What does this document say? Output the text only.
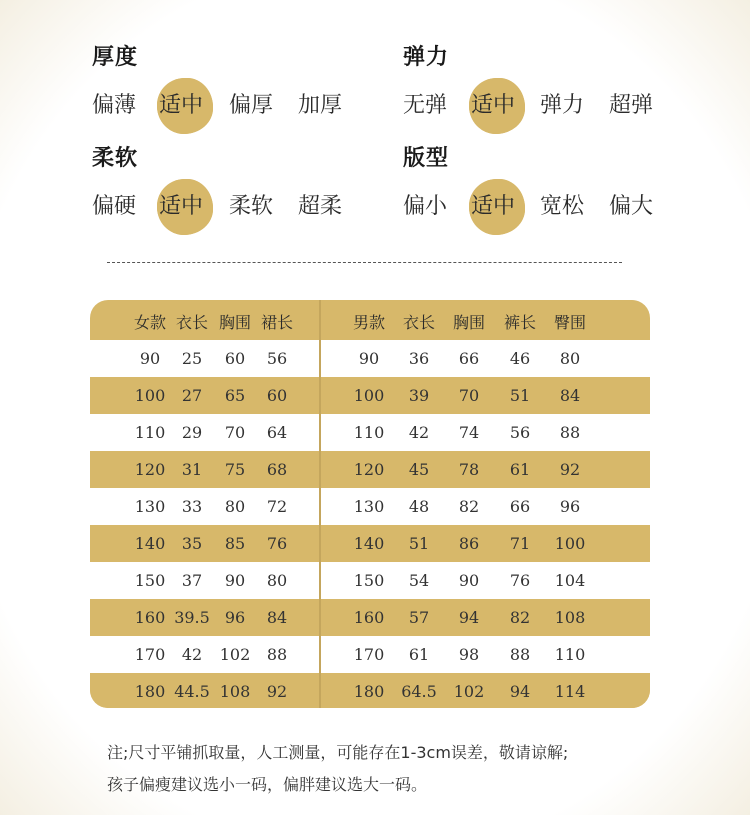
厚度
偏薄	适中	偏厚	加厚
弹力
无弹	适中	弹力	超弹
柔软
偏硬	适中	柔软	超柔
版型
偏小	适中	宽松	偏大
女款 衣长 胸围 裙长
90	25	60	56
100	27	65	60
110	29	70	64
120	31	75	68
130	33	80	72
140	35	85	76
150	37	90	80
160 39.5 96	84
170	42	102	88
180 44.5 108	92
男款	衣长	胸围	裤长	臀围
90	36	66	46	80
100	39	70	51	84
110	42	74	56	88
120	45	78	61	92
130	48	82	66	96
140	51	86	71	100
150	54	90	76	104
160	57	94	82	108
170	61	98	88	110
180	64.5	102	94	114
注;尺寸平铺抓取量，人工测量，可能存在1-3cm误差，敬请谅解;
孩子偏瘦建议选小一码，偏胖建议选大一码。
